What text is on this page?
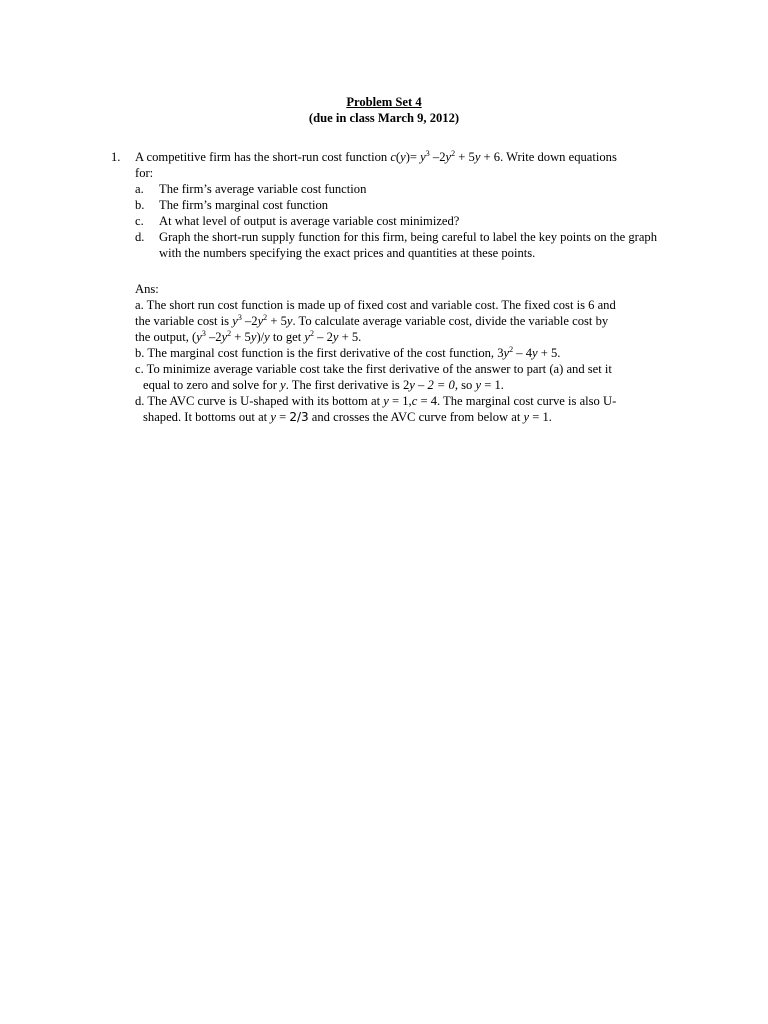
Problem Set 4
(due in class March 9, 2012)
1. A competitive firm has the short-run cost function $c(y)= y^3$ $-2y^2 + 5y + 6$. Write down equations
for:
a. The firm’s average variable cost function
b. The firm’s marginal cost function
c. At what level of output is average variable cost minimized?
d. Graph the short-run supply function for this firm, being careful to label the key points on the graph with the numbers specifying the exact prices and quantities at these points.

Ans:

a. The short run cost function is made up of fixed cost and variable cost. The fixed cost is 6 and
the variable cost is $y^3$ $-2y^2 + 5y$. To calculate average variable cost, divide the variable cost by
the output, ($y^3$ $-2y^2 + 5y)/y$ to get $y^2 - 2y + 5$.

b. The marginal cost function is the first derivative of the cost function, $3y^2 - 4y + 5$.

c. To minimize average variable cost take the first derivative of the answer to part (a) and set it
equal to zero and solve for y. The first derivative is 2y – 2 = 0, so y = 1.

d. The AVC curve is U-shaped with its bottom at y = 1,c = 4. The marginal cost curve is also U-
shaped. It bottoms out at y = 2/3 and crosses the AVC curve from below at y = 1.
